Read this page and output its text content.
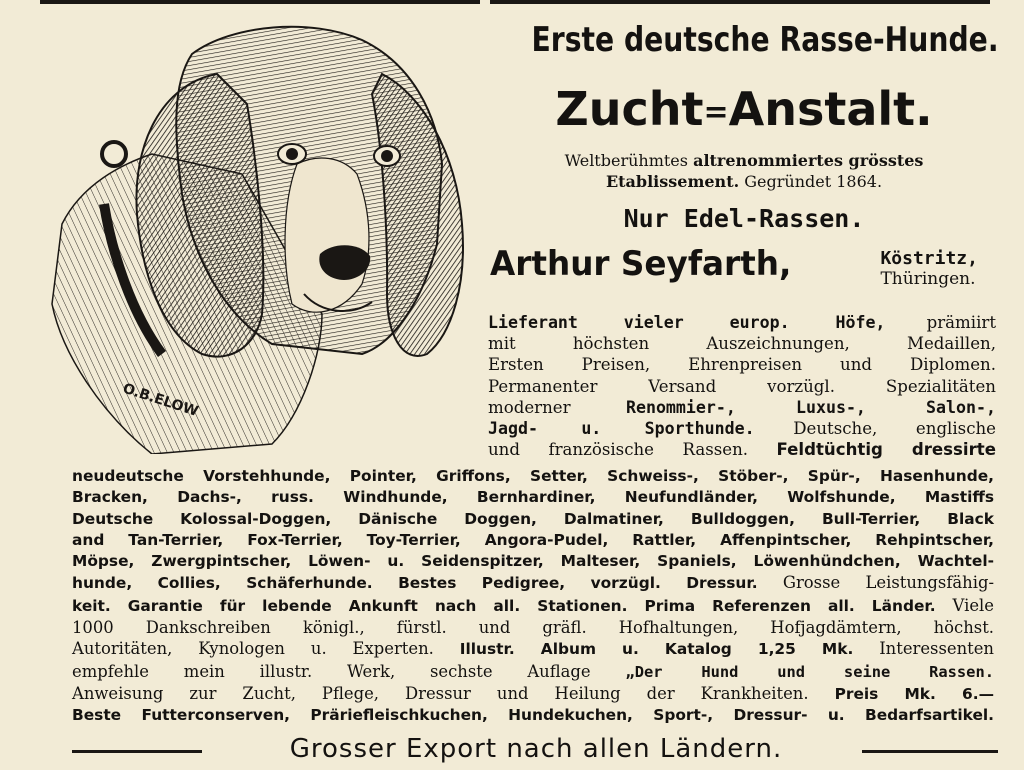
O.B.ELOW
Erste deutsche Rasse-Hunde.
Zucht=Anstalt.
Weltberühmtes altrenommiertes grösstes
Etablissement. Gegründet 1864.
Nur Edel-Rassen.
Arthur Seyfarth,	Köstritz,
Thüringen.
Lieferant vieler europ. Höfe, prämiirt
mit höchsten Auszeichnungen, Medaillen,
Ersten Preisen, Ehrenpreisen und Diplomen.
Permanenter Versand vorzügl. Spezialitäten
moderner Renommier-, Luxus-, Salon-,
Jagd- u. Sporthunde. Deutsche, englische
und französische Rassen. Feldtüchtig dressirte
neudeutsche Vorstehhunde, Pointer, Griffons, Setter, Schweiss-, Stöber-, Spür-, Hasenhunde,
Bracken, Dachs-, russ. Windhunde, Bernhardiner, Neufundländer, Wolfshunde, Mastiffs
Deutsche Kolossal-Doggen, Dänische Doggen, Dalmatiner, Bulldoggen, Bull-Terrier, Black
and Tan-Terrier, Fox-Terrier, Toy-Terrier, Angora-Pudel, Rattler, Affenpintscher, Rehpintscher,
Möpse, Zwergpintscher, Löwen- u. Seidenspitzer, Malteser, Spaniels, Löwenhündchen, Wachtel-
hunde, Collies, Schäferhunde. Bestes Pedigree, vorzügl. Dressur. Grosse Leistungsfähig-
keit. Garantie für lebende Ankunft nach all. Stationen. Prima Referenzen all. Länder. Viele
1000 Dankschreiben königl., fürstl. und gräfl. Hofhaltungen, Hofjagdämtern, höchst.
Autoritäten, Kynologen u. Experten. Illustr. Album u. Katalog 1,25 Mk. Interessenten
empfehle mein illustr. Werk, sechste Auflage „Der Hund und seine Rassen.
Anweisung zur Zucht, Pflege, Dressur und Heilung der Krankheiten. Preis Mk. 6.—
Beste Futterconserven, Präriefleischkuchen, Hundekuchen, Sport-, Dressur- u. Bedarfsartikel.
Grosser Export nach allen Ländern.
